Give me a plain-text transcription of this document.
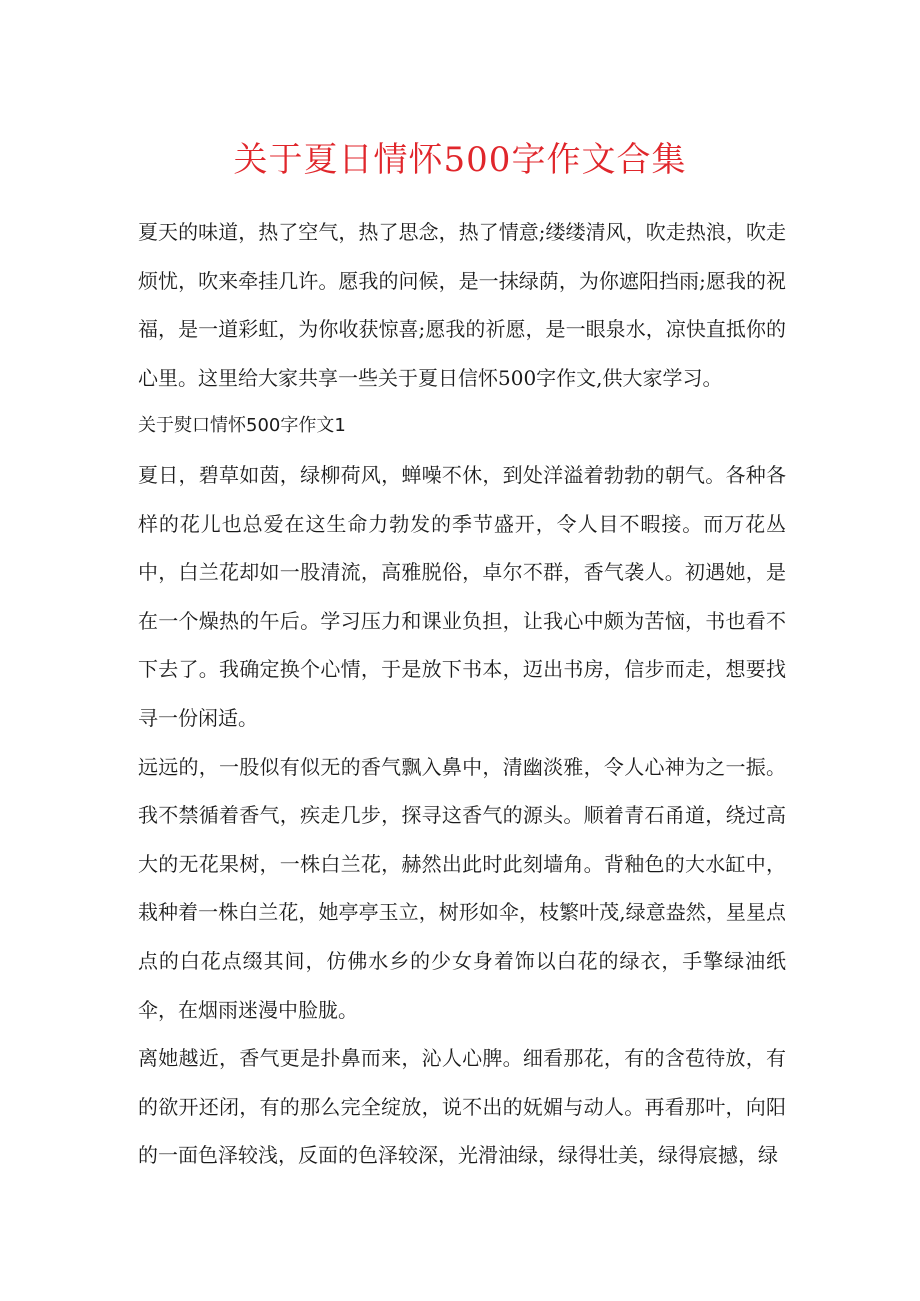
关于夏日情怀500字作文合集

夏天的味道，热了空气，热了思念，热了情意;缕缕清风，吹走热浪，吹走烦忧，吹来牵挂几许。愿我的问候，是一抹绿荫，为你遮阳挡雨;愿我的祝福，是一道彩虹，为你收获惊喜;愿我的祈愿，是一眼泉水，凉快直抵你的心里。这里给大家共享一些关于夏日信怀500字作文,供大家学习。

关于熨口情怀500字作文1

夏日，碧草如茵，绿柳荷风，蝉噪不休，到处洋溢着勃勃的朝气。各种各样的花儿也总爱在这生命力勃发的季节盛开，令人目不暇接。而万花丛中，白兰花却如一股清流，高雅脱俗，卓尔不群，香气袭人。初遇她，是在一个燥热的午后。学习压力和课业负担，让我心中颇为苦恼，书也看不下去了。我确定换个心情，于是放下书本，迈出书房，信步而走，想要找寻一份闲适。

远远的，一股似有似无的香气飘入鼻中，清幽淡雅，令人心神为之一振。我不禁循着香气，疾走几步，探寻这香气的源头。顺着青石甬道，绕过高大的无花果树，一株白兰花，赫然出此时此刻墙角。背釉色的大水缸中，栽种着一株白兰花，她亭亭玉立，树形如伞，枝繁叶茂,绿意盎然，星星点点的白花点缀其间，仿佛水乡的少女身着饰以白花的绿衣，手擎绿油纸伞，在烟雨迷漫中脸胧。

离她越近，香气更是扑鼻而来，沁人心脾。细看那花，有的含苞待放，有的欲开还闭，有的那么完全绽放，说不出的妩媚与动人。再看那叶，向阳的一面色泽较浅，反面的色泽较深，光滑油绿，绿得壮美，绿得宸撼，绿
